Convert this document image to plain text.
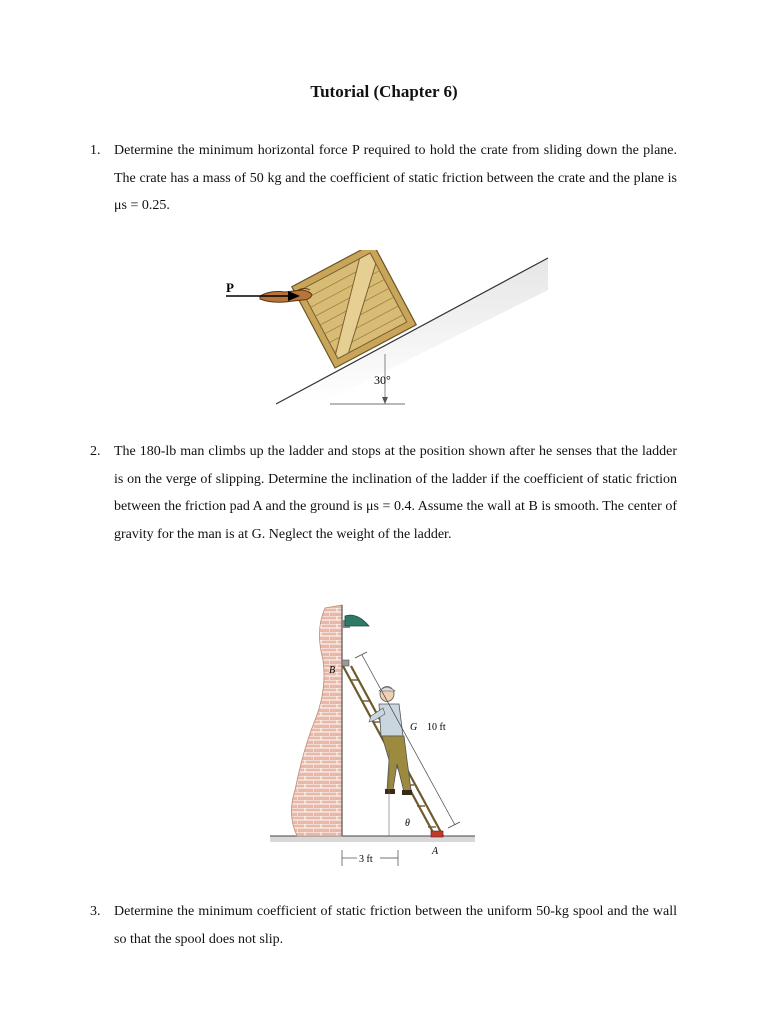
Tutorial (Chapter 6)
1. Determine the minimum horizontal force P required to hold the crate from sliding down the plane. The crate has a mass of 50 kg and the coefficient of static friction between the crate and the plane is μs = 0.25.
P
30°
2. The 180-lb man climbs up the ladder and stops at the position shown after he senses that the ladder is on the verge of slipping. Determine the inclination of the ladder if the coefficient of static friction between the friction pad A and the ground is μs = 0.4. Assume the wall at B is smooth. The center of gravity for the man is at G. Neglect the weight of the ladder.
B
A
G 10 ft
θ
3 ft
3. Determine the minimum coefficient of static friction between the uniform 50-kg spool and the wall so that the spool does not slip.
